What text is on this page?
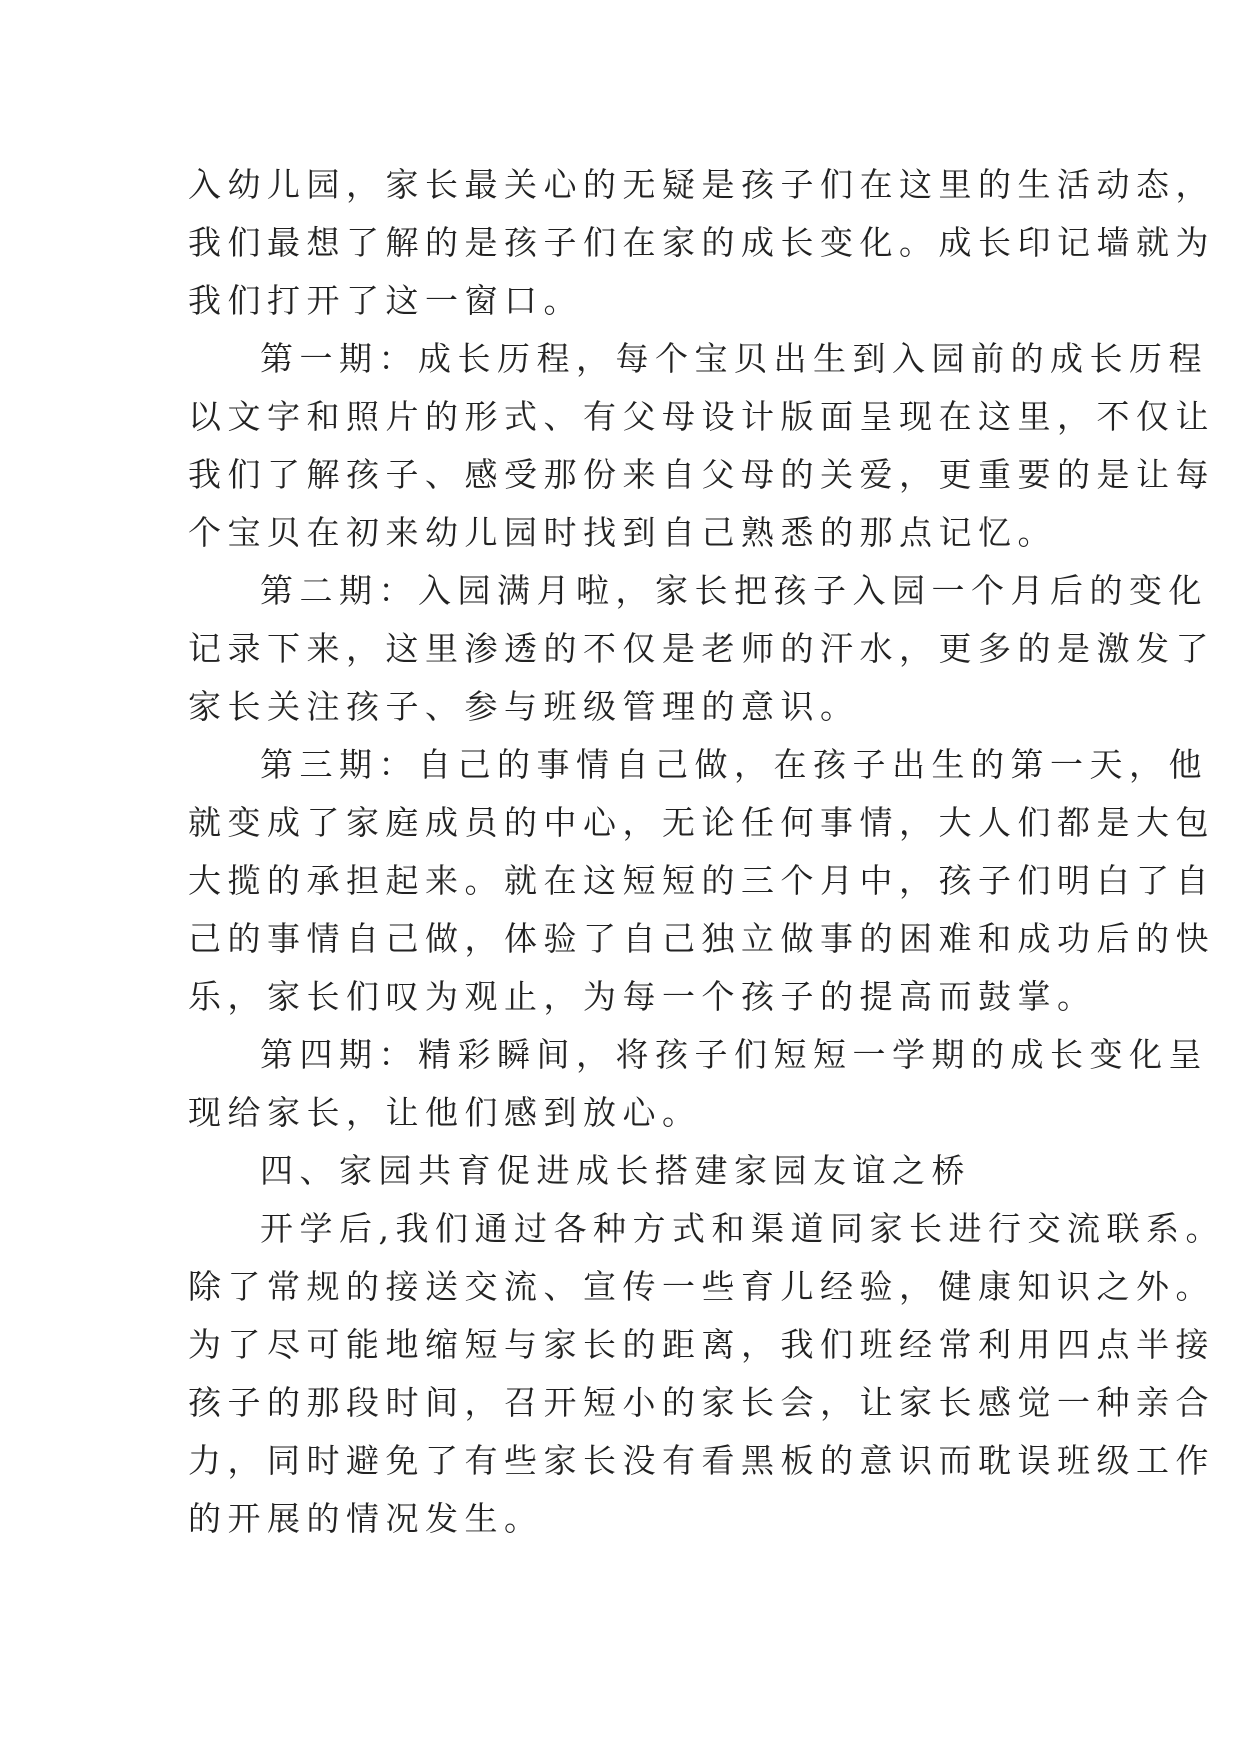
入幼儿园，家长最关心的无疑是孩子们在这里的生活动态，
我们最想了解的是孩子们在家的成长变化。成长印记墙就为
我们打开了这一窗口。
第一期：成长历程，每个宝贝出生到入园前的成长历程
以文字和照片的形式、有父母设计版面呈现在这里，不仅让
我们了解孩子、感受那份来自父母的关爱，更重要的是让每
个宝贝在初来幼儿园时找到自己熟悉的那点记忆。
第二期：入园满月啦，家长把孩子入园一个月后的变化
记录下来，这里渗透的不仅是老师的汗水，更多的是激发了
家长关注孩子、参与班级管理的意识。
第三期：自己的事情自己做，在孩子出生的第一天，他
就变成了家庭成员的中心，无论任何事情，大人们都是大包
大揽的承担起来。就在这短短的三个月中，孩子们明白了自
己的事情自己做，体验了自己独立做事的困难和成功后的快
乐，家长们叹为观止，为每一个孩子的提高而鼓掌。
第四期：精彩瞬间，将孩子们短短一学期的成长变化呈
现给家长，让他们感到放心。
四、家园共育促进成长搭建家园友谊之桥
开学后,我们通过各种方式和渠道同家长进行交流联系。
除了常规的接送交流、宣传一些育儿经验，健康知识之外。
为了尽可能地缩短与家长的距离，我们班经常利用四点半接
孩子的那段时间，召开短小的家长会，让家长感觉一种亲合
力，同时避免了有些家长没有看黑板的意识而耽误班级工作
的开展的情况发生。
